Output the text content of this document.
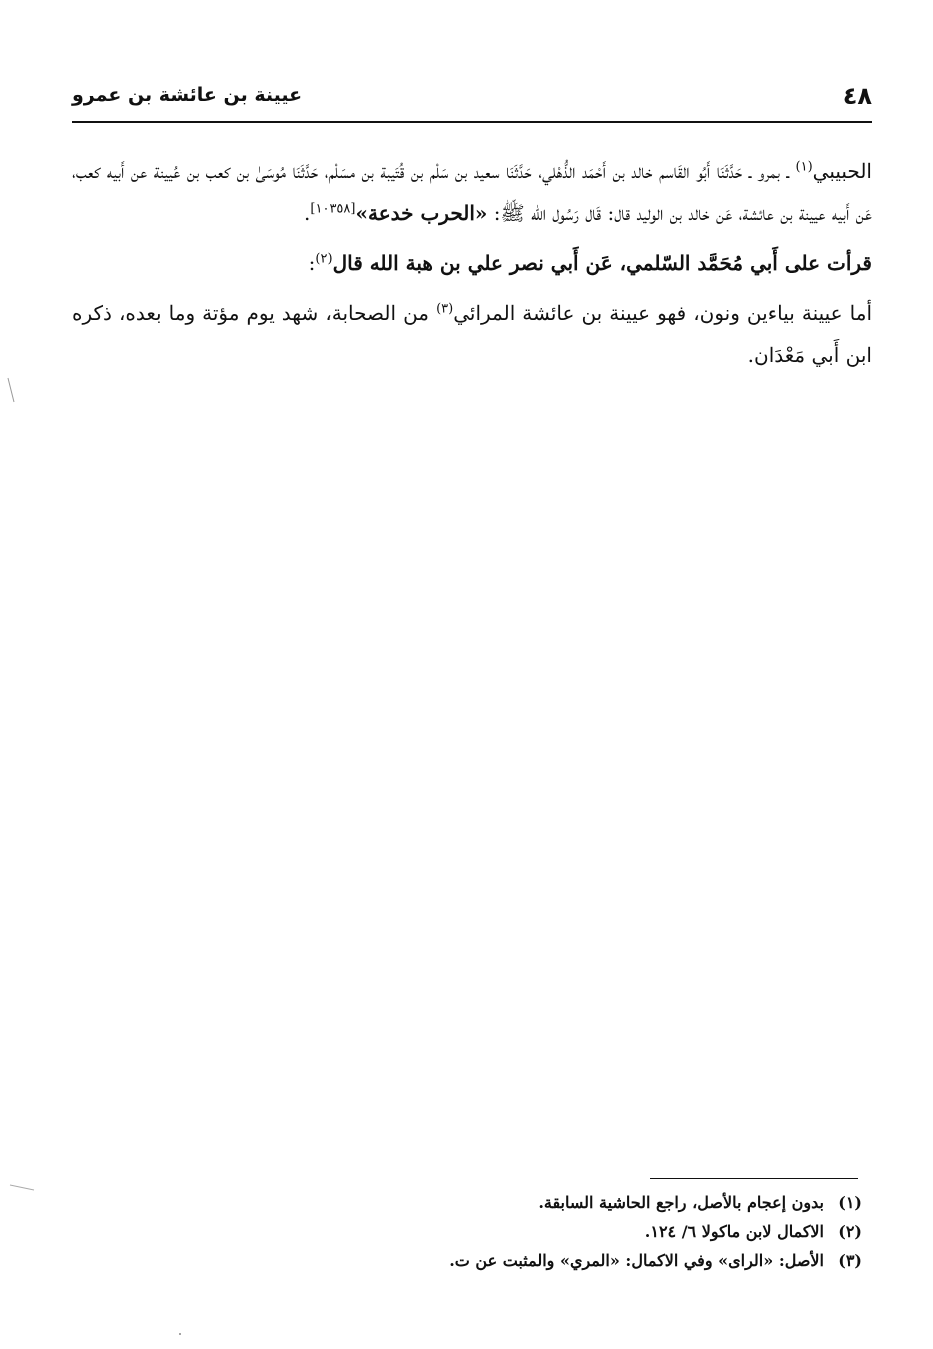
٤٨
عيينة بن عائشة بن عمرو

الحبيبي$^{(١)}$ ـ بمرو ـ حَدَّثَنَا أَبُو القَاسم خالد بن أَحْمَد الذُّهْلي، حَدَّثَنَا سعيد بن سَلْم بن قُتَيبة بن مسَلْم، حَدَّثَنَا مُوسَىٰ بن كعب بن عُيينة عن أَبيه كعب، عَن أَبيه عيينة بن عائشة، عَن خالد بن الوليد قال: قَال رَسُول الله ﷺ: «الحرب خدعة»[١٠٣٥٨].

قرأت على أَبي مُحَمَّد السّلمي، عَن أَبي نصر علي بن هبة الله قال$^{(٢)}$:

أما عيينة بياءين ونون، فهو عيينة بن عائشة المرائي$^{(٣)}$ من الصحابة، شهد يوم مؤتة وما بعده، ذكره ابن أَبي مَعْدَان.

(١)
بدون إعجام بالأصل، راجع الحاشية السابقة.
(٢)
الاكمال لابن ماكولا ٦/ ١٢٤.
(٣)
الأصل: «الراى» وفي الاكمال: «المري» والمثبت عن ت.
